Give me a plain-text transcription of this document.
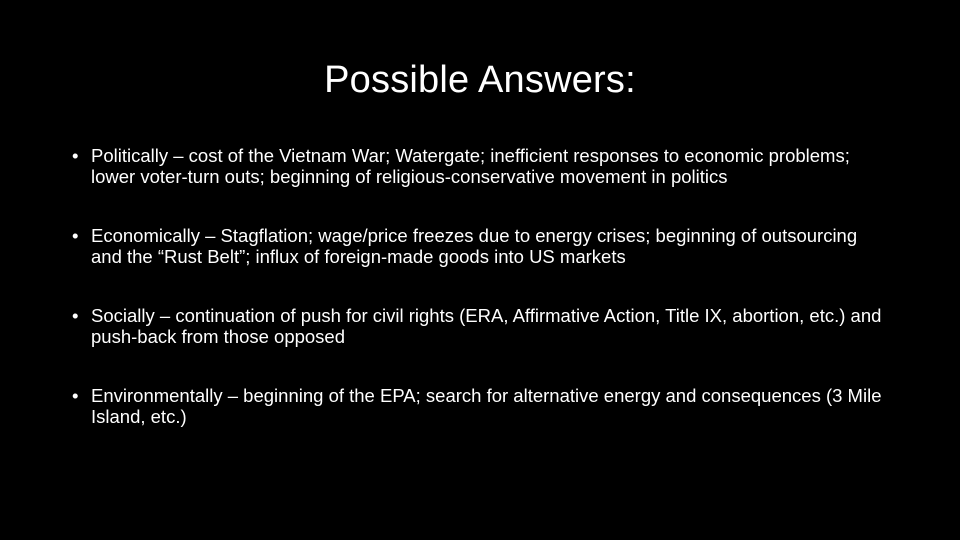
Possible Answers:
• Politically – cost of the Vietnam War; Watergate; inefficient responses to economic problems; lower voter-turn outs; beginning of religious-conservative movement in politics
• Economically – Stagflation; wage/price freezes due to energy crises; beginning of outsourcing and the “Rust Belt”; influx of foreign-made goods into US markets
• Socially – continuation of push for civil rights (ERA, Affirmative Action, Title IX, abortion, etc.) and push-back from those opposed
• Environmentally – beginning of the EPA; search for alternative energy and consequences (3 Mile Island, etc.)
